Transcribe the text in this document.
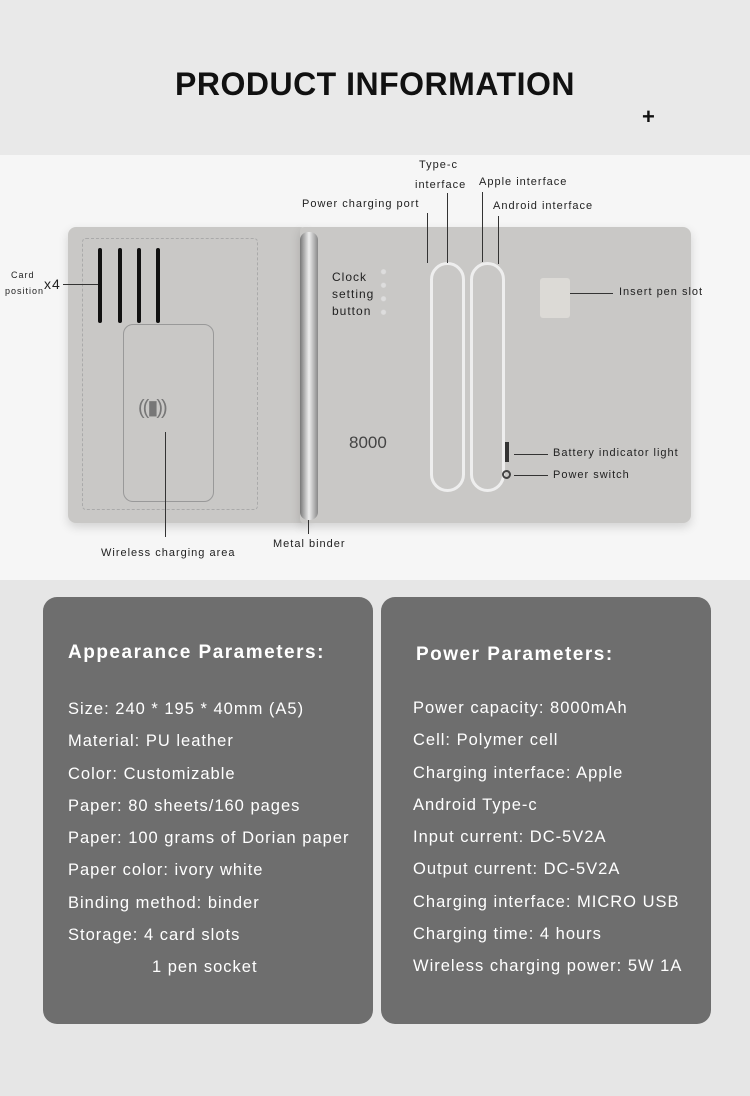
PRODUCT INFORMATION
+
((▮))
8000
Card
position x4
Wireless charging area
Metal binder
Clock
setting
button
Power charging port
Type-c
interface Apple interface
Android interface
Insert pen slot
Battery indicator light
Power switch
Appearance Parameters:
Size: 240 * 195 * 40mm (A5)
Material: PU leather
Color: Customizable
Paper: 80 sheets/160 pages
Paper: 100 grams of Dorian paper
Paper color: ivory white
Binding method: binder
Storage: 4 card slots
1 pen socket
Power Parameters:
Power capacity: 8000mAh
Cell: Polymer cell
Charging interface: Apple
Android Type-c
Input current: DC-5V2A
Output current: DC-5V2A
Charging interface: MICRO USB
Charging time: 4 hours
Wireless charging power: 5W 1A
